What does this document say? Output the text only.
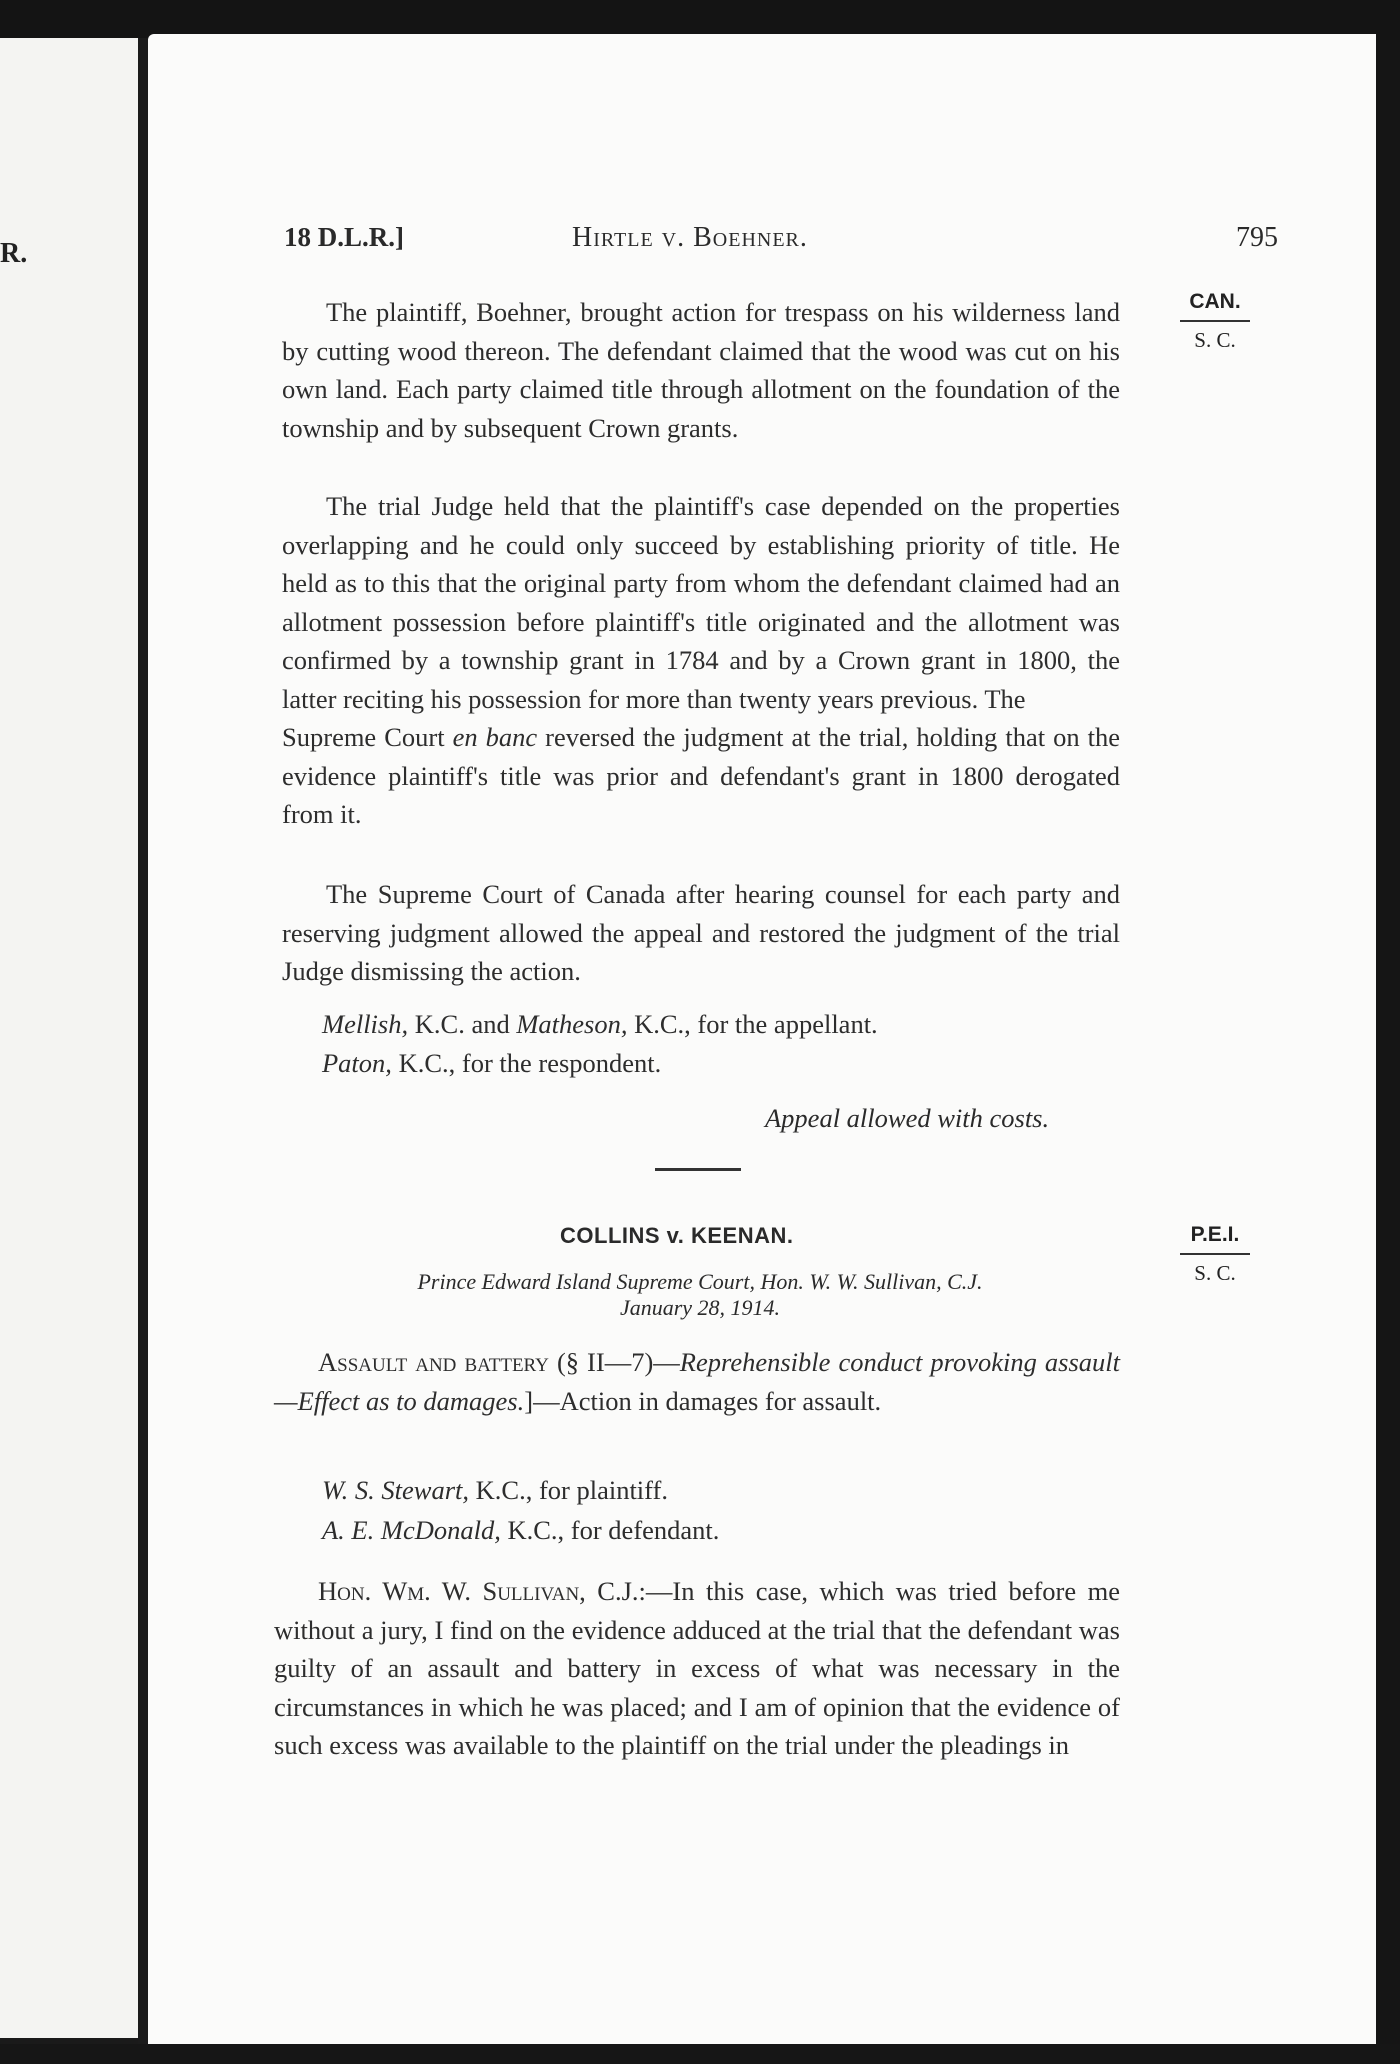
R.
18 D.L.R.]	Hirtle v. Boehner.	795
CAN.
S. C.
P.E.I.
S. C.

The plaintiff, Boehner, brought action for trespass on his wilderness land by cutting wood thereon. The defendant claimed that the wood was cut on his own land. Each party claimed title through allotment on the foundation of the township and by subsequent Crown grants.

The trial Judge held that the plaintiff's case depended on the properties overlapping and he could only succeed by establishing priority of title. He held as to this that the original party from whom the defendant claimed had an allotment possession before plaintiff's title originated and the allotment was confirmed by a township grant in 1784 and by a Crown grant in 1800, the latter reciting his possession for more than twenty years previous. The
Supreme Court en banc reversed the judgment at the trial, holding that on the evidence plaintiff's title was prior and defendant's grant in 1800 derogated from it.

The Supreme Court of Canada after hearing counsel for each party and reserving judgment allowed the appeal and restored the judgment of the trial Judge dismissing the action.

Mellish, K.C. and Matheson, K.C., for the appellant.

Paton, K.C., for the respondent.

Appeal allowed with costs.

COLLINS v. KEENAN.

Prince Edward Island Supreme Court, Hon. W. W. Sullivan, C.J.

January 28, 1914.

Assault and battery (§ II—7)—Reprehensible conduct provoking assault—Effect as to damages.]—Action in damages for assault.

W. S. Stewart, K.C., for plaintiff.

A. E. McDonald, K.C., for defendant.

Hon. Wm. W. Sullivan, C.J.:—In this case, which was tried before me without a jury, I find on the evidence adduced at the trial that the defendant was guilty of an assault and battery in excess of what was necessary in the circumstances in which he was placed; and I am of opinion that the evidence of such excess was available to the plaintiff on the trial under the pleadings in
